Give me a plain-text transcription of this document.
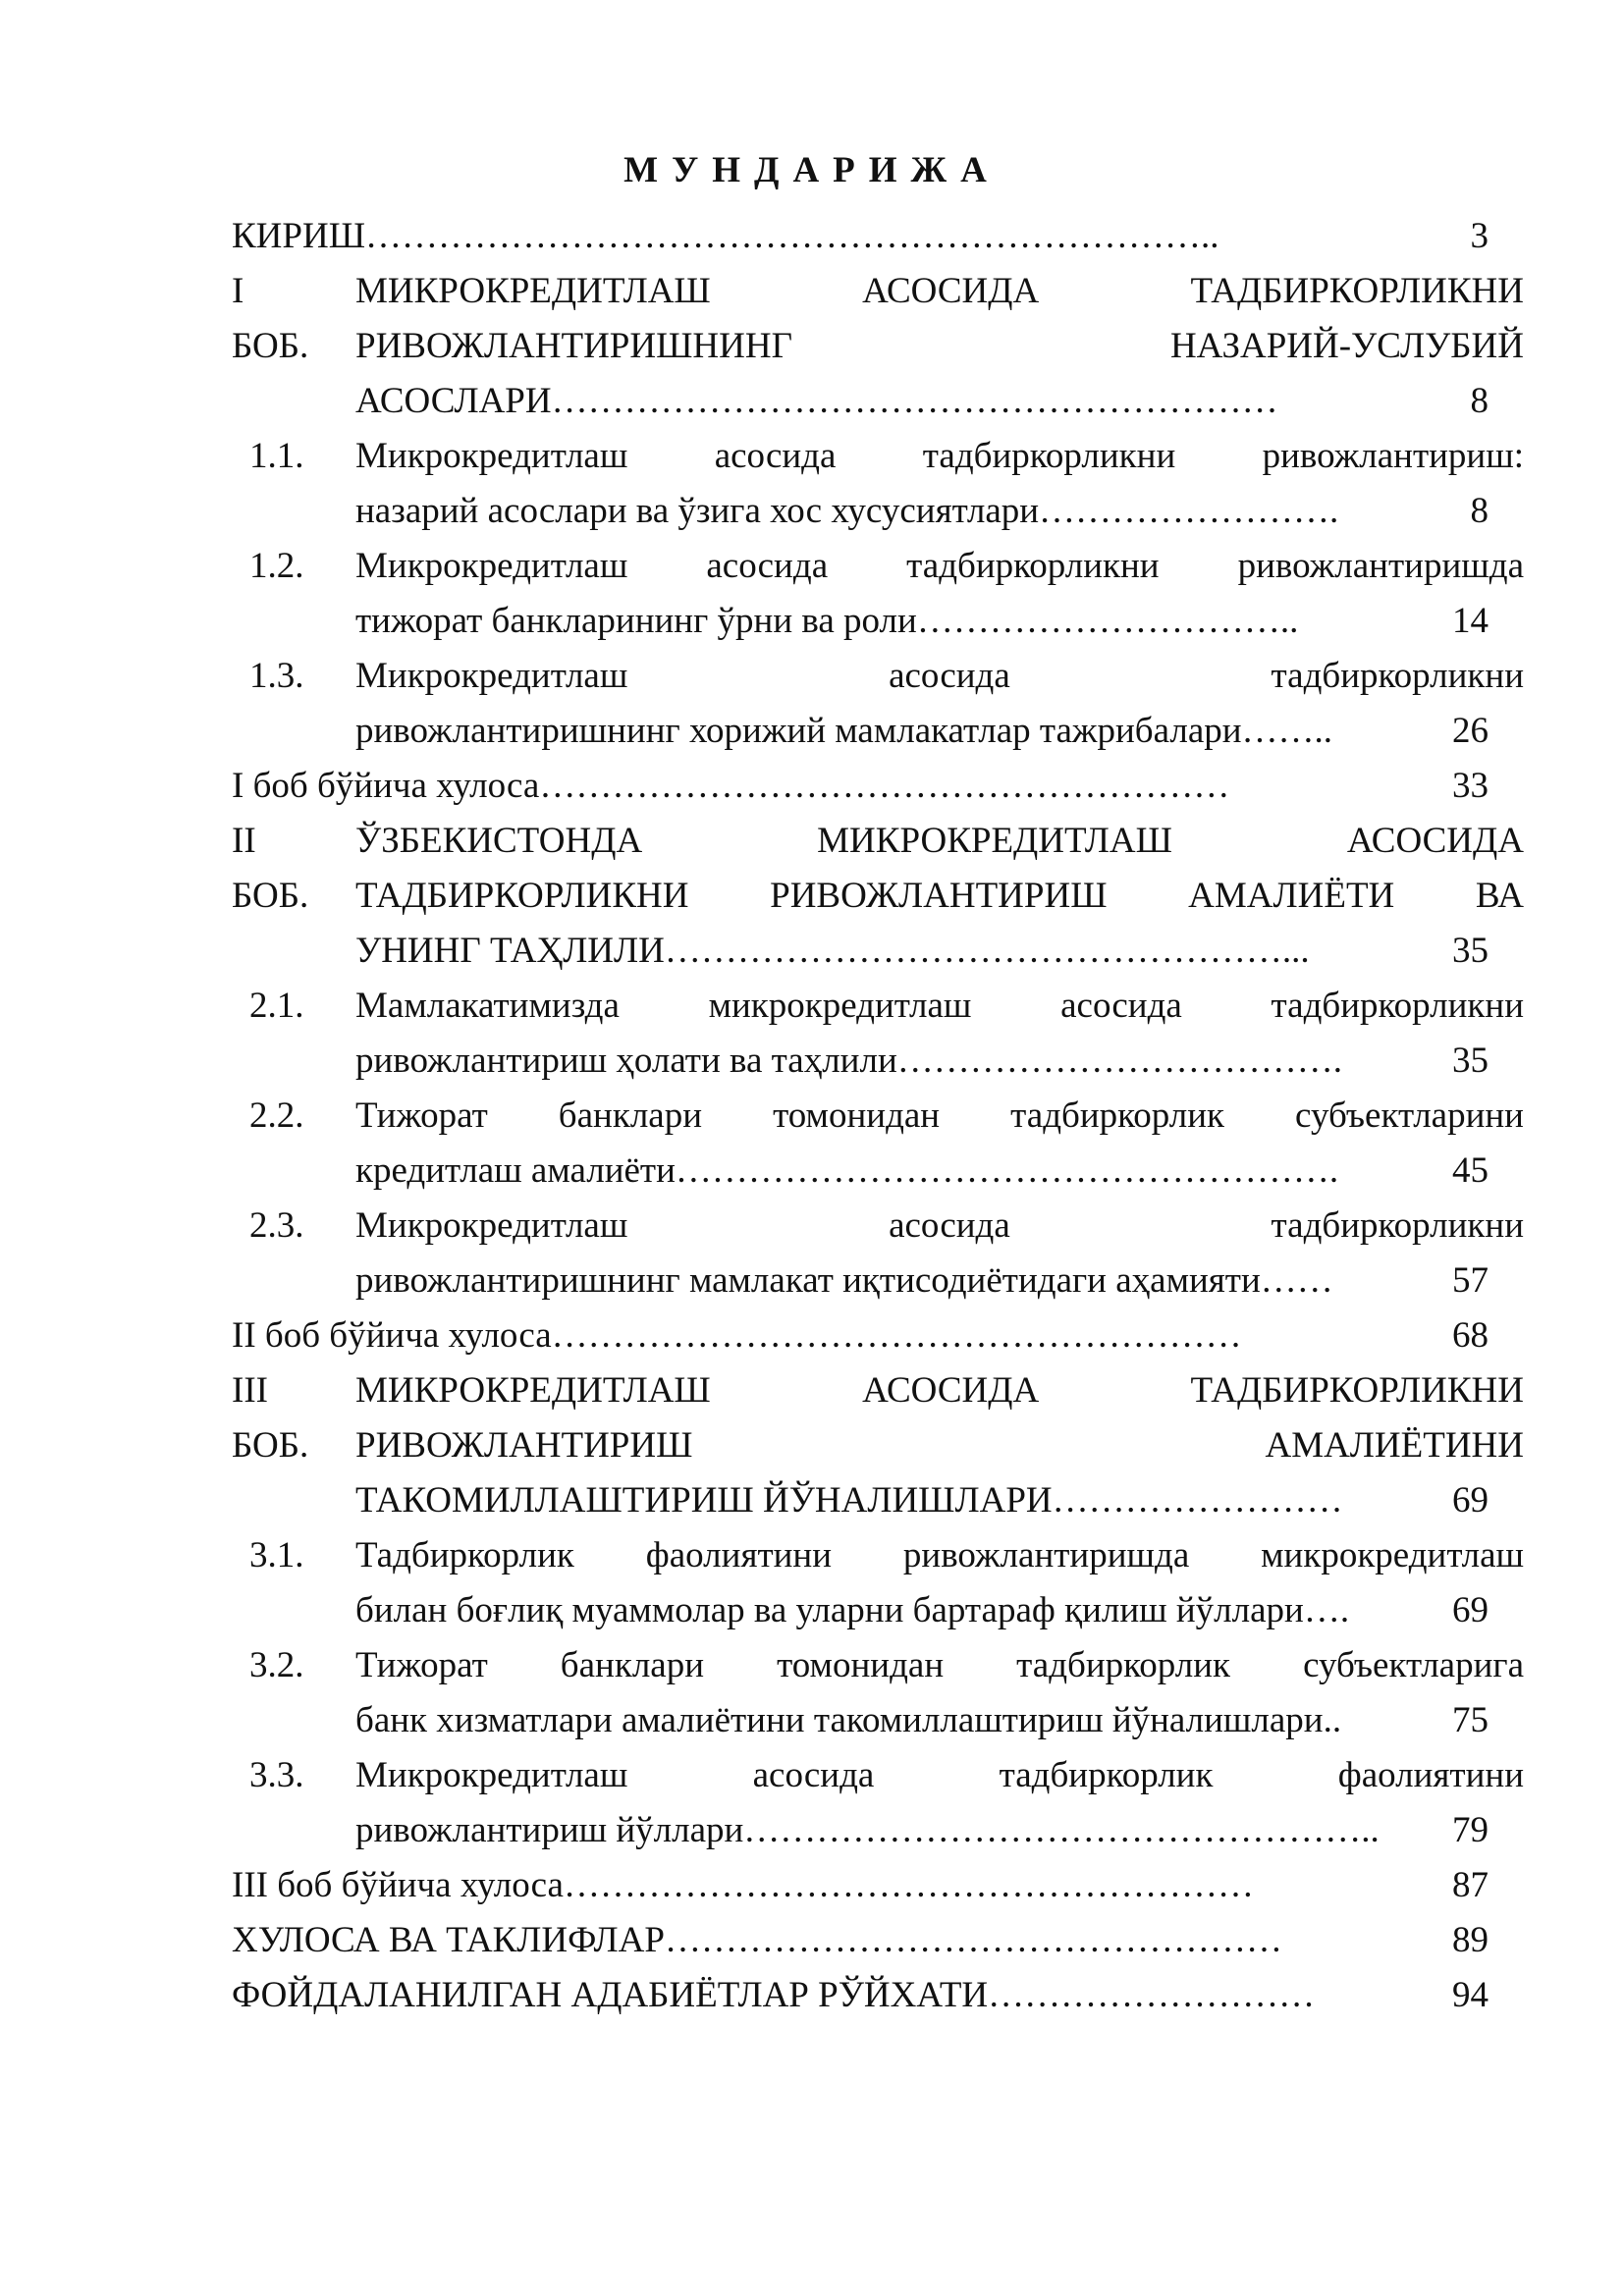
МУНДАРИЖА
КИРИШ……………………………………………………………..	3
I	МИКРОКРЕДИТЛАШ АСОСИДА ТАДБИРКОРЛИКНИ
БОБ. РИВОЖЛАНТИРИШНИНГ НАЗАРИЙ-УСЛУБИЙ
АСОСЛАРИ……………………………………………………	8
1.1. Микрокредитлаш асосида тадбиркорликни ривожлантириш:
назарий асослари ва ўзига хос хусусиятлари…………………….	8
1.2. Микрокредитлаш асосида тадбиркорликни ривожлантиришда
тижорат банкларининг ўрни ва роли…………………………..	14
1.3. Микрокредитлаш асосида тадбиркорликни
ривожлантиришнинг хорижий мамлакатлар тажрибалари……..	26
I боб бўйича хулоса…………………………………………………	33
II	ЎЗБЕКИСТОНДА МИКРОКРЕДИТЛАШ АСОСИДА
БОБ. ТАДБИРКОРЛИКНИ РИВОЖЛАНТИРИШ АМАЛИЁТИ ВА
УНИНГ ТАҲЛИЛИ……………………………………………...	35
2.1. Мамлакатимизда микрокредитлаш асосида тадбиркорликни
ривожлантириш ҳолати ва таҳлили……………………………….	35
2.2. Тижорат банклари томонидан тадбиркорлик субъектларини
кредитлаш амалиёти……………………………………………….	45
2.3. Микрокредитлаш асосида тадбиркорликни
ривожлантиришнинг мамлакат иқтисодиётидаги аҳамияти……	57
II боб бўйича хулоса…………………………………………………	68
III МИКРОКРЕДИТЛАШ АСОСИДА ТАДБИРКОРЛИКНИ
БОБ. РИВОЖЛАНТИРИШ АМАЛИЁТИНИ
ТАКОМИЛЛАШТИРИШ ЙЎНАЛИШЛАРИ……………………	69
3.1. Тадбиркорлик фаолиятини ривожлантиришда микрокредитлаш
билан боғлиқ муаммолар ва уларни бартараф қилиш йўллари….	69
3.2. Тижорат банклари томонидан тадбиркорлик субъектларига
банк хизматлари амалиётини такомиллаштириш йўналишлари..	75
3.3. Микрокредитлаш асосида тадбиркорлик фаолиятини
ривожлантириш йўллари……………………………………………..	79
III боб бўйича хулоса…………………………………………………	87
ХУЛОСА ВА ТАКЛИФЛАР……………………………………………	89
ФОЙДАЛАНИЛГАН АДАБИЁТЛАР РЎЙХАТИ………………………	94
